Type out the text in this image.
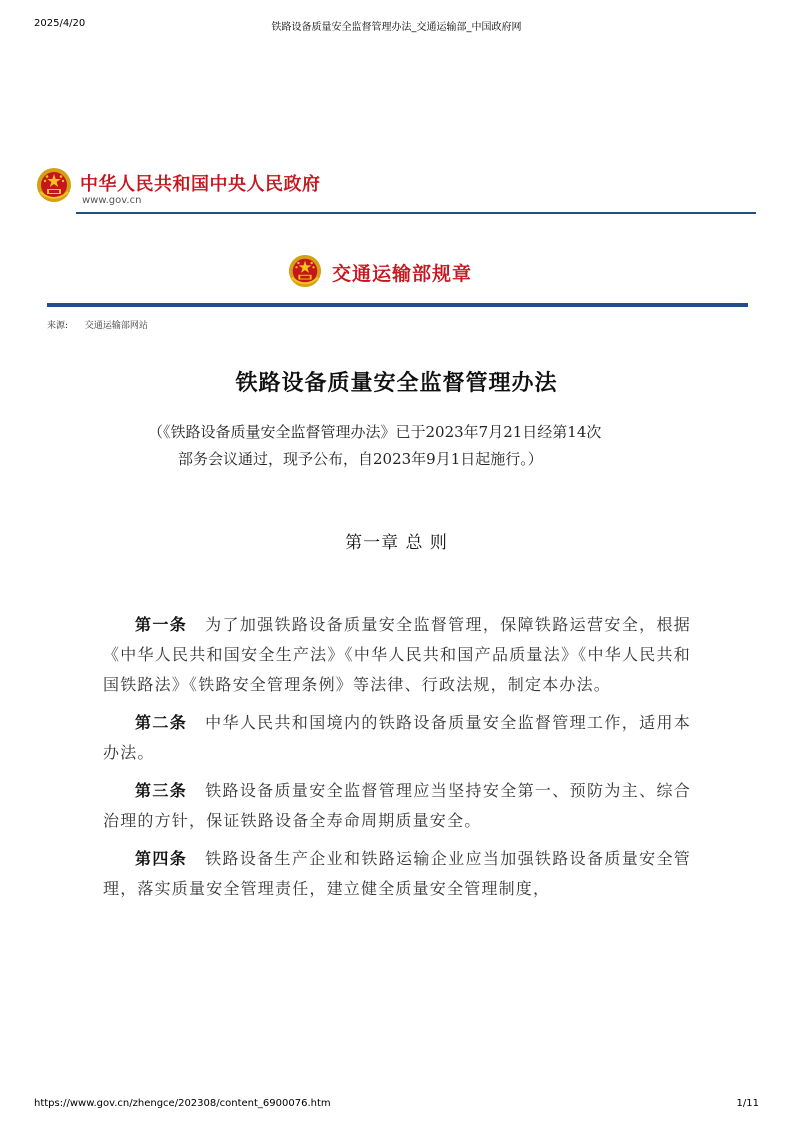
2025/4/20	铁路设备质量安全监督管理办法_交通运输部_中国政府网
中华人民共和国中央人民政府
www.gov.cn
交通运输部规章
来源: 交通运输部网站
铁路设备质量安全监督管理办法
（《铁路设备质量安全监督管理办法》已于2023年7月21日经第14次
部务会议通过，现予公布，自2023年9月1日起施行。）
第一章 总 则

第一条 为了加强铁路设备质量安全监督管理，保障铁路运营安全，根据《中华人民共和国安全生产法》《中华人民共和国产品质量法》《中华人民共和国铁路法》《铁路安全管理条例》等法律、行政法规，制定本办法。

第二条 中华人民共和国境内的铁路设备质量安全监督管理工作，适用本办法。

第三条 铁路设备质量安全监督管理应当坚持安全第一、预防为主、综合治理的方针，保证铁路设备全寿命周期质量安全。

第四条 铁路设备生产企业和铁路运输企业应当加强铁路设备质量安全管理，落实质量安全管理责任，建立健全质量安全管理制度，

https://www.gov.cn/zhengce/202308/content_6900076.htm	1/11
